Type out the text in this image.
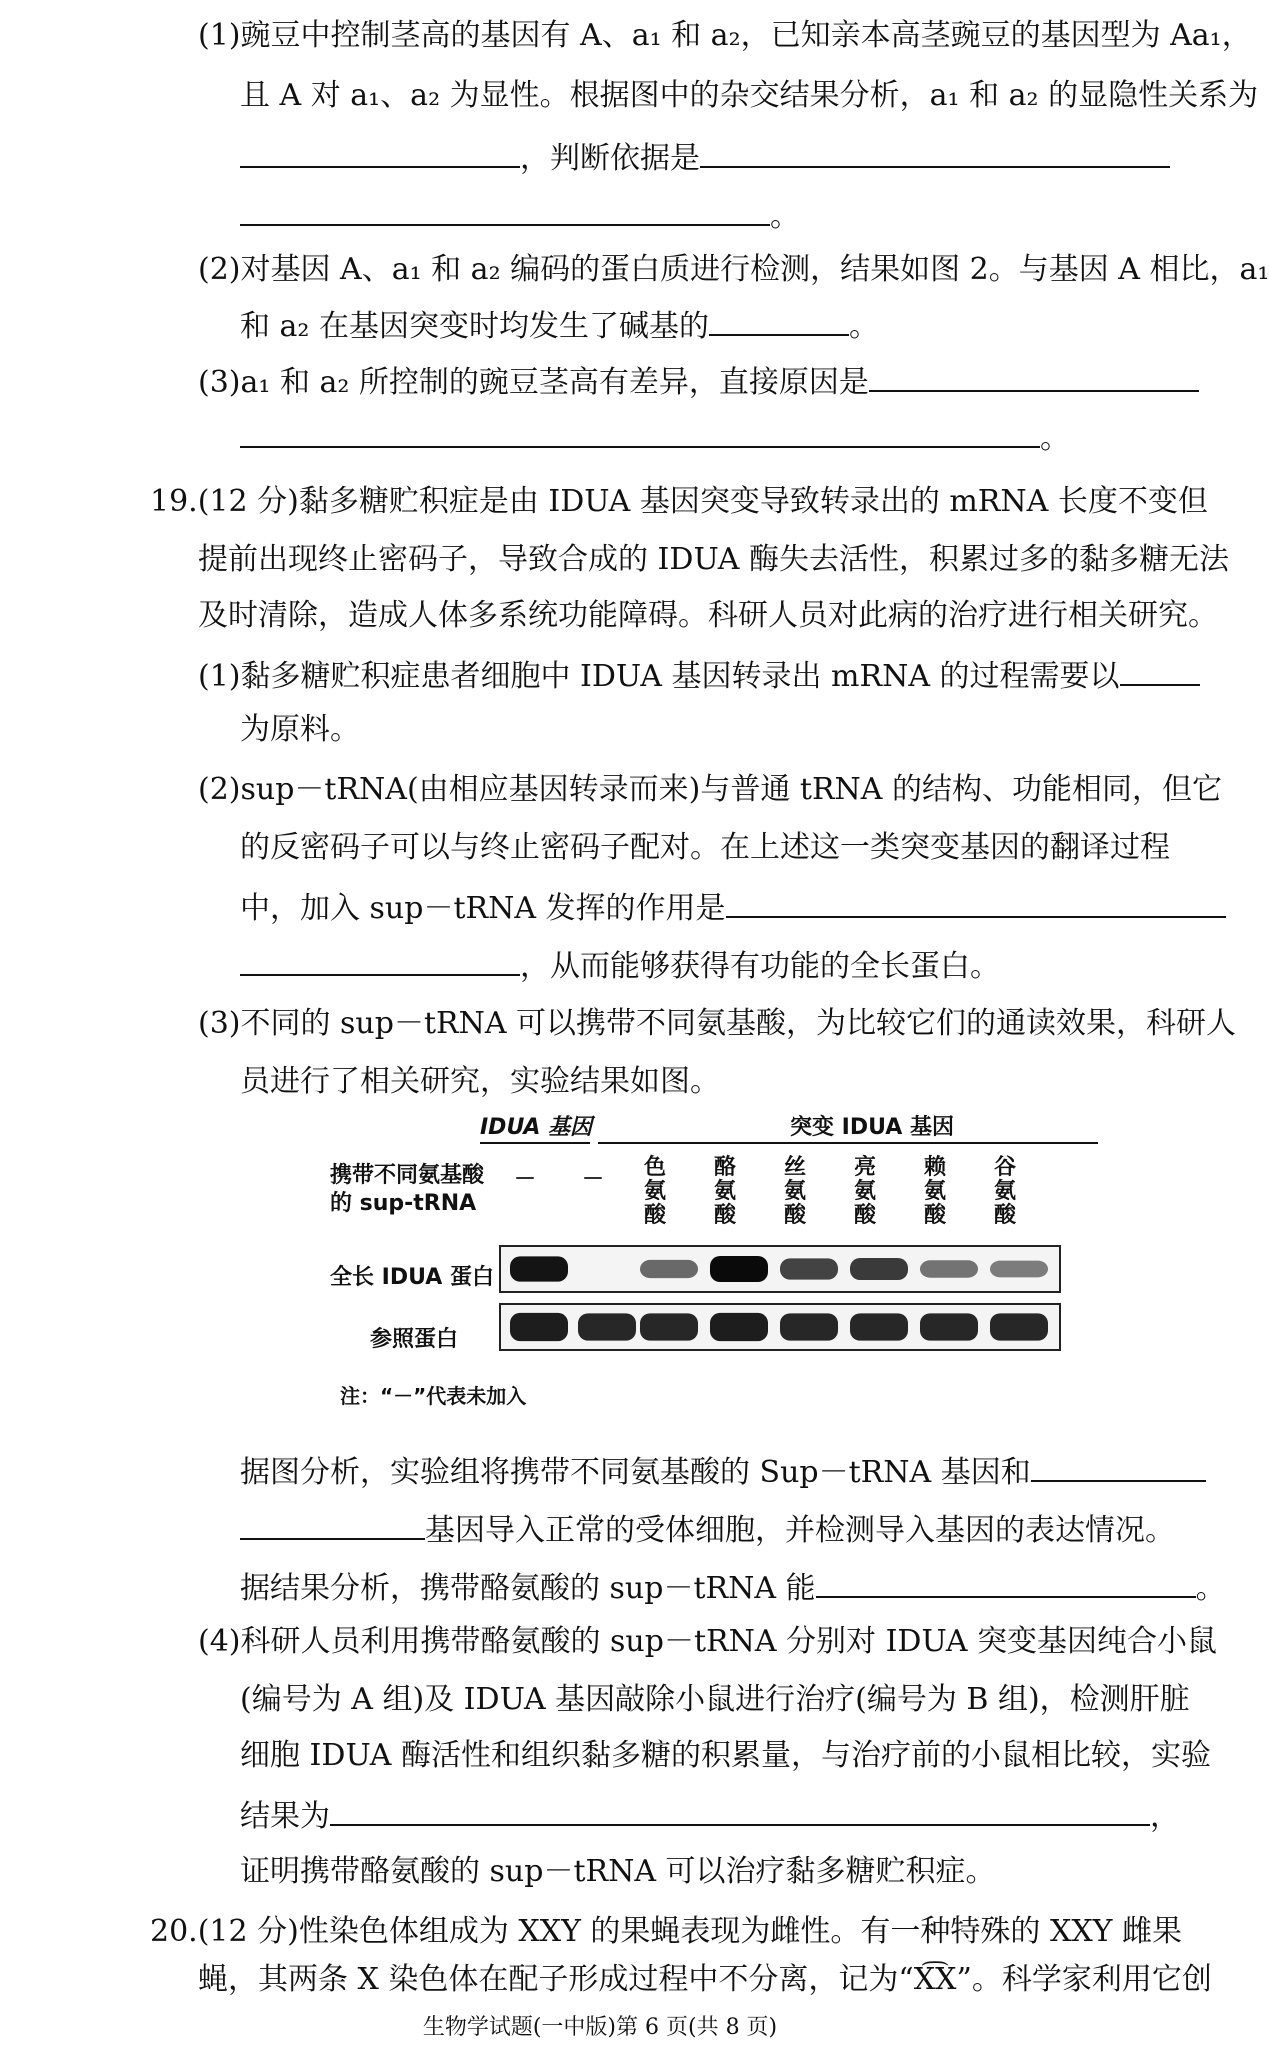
(1)豌豆中控制茎高的基因有 A、a₁ 和 a₂，已知亲本高茎豌豆的基因型为 Aa₁，
且 A 对 a₁、a₂ 为显性。根据图中的杂交结果分析，a₁ 和 a₂ 的显隐性关系为
，判断依据是
。
(2)对基因 A、a₁ 和 a₂ 编码的蛋白质进行检测，结果如图 2。与基因 A 相比，a₁
和 a₂ 在基因突变时均发生了碱基的	。
(3)a₁ 和 a₂ 所控制的豌豆茎高有差异，直接原因是
。
19.(12 分)黏多糖贮积症是由 IDUA 基因突变导致转录出的 mRNA 长度不变但
提前出现终止密码子，导致合成的 IDUA 酶失去活性，积累过多的黏多糖无法
及时清除，造成人体多系统功能障碍。科研人员对此病的治疗进行相关研究。
(1)黏多糖贮积症患者细胞中 IDUA 基因转录出 mRNA 的过程需要以
为原料。
(2)sup－tRNA(由相应基因转录而来)与普通 tRNA 的结构、功能相同，但它
的反密码子可以与终止密码子配对。在上述这一类突变基因的翻译过程
中，加入 sup－tRNA 发挥的作用是
，从而能够获得有功能的全长蛋白。
(3)不同的 sup－tRNA 可以携带不同氨基酸，为比较它们的通读效果，科研人
员进行了相关研究，实验结果如图。
IDUA 基因	突变 IDUA 基因
携带不同氨基酸
的 sup-tRNA
－ － 色氨酸
酪氨酸
丝氨酸
亮氨酸
赖氨酸
谷氨酸
全长 IDUA 蛋白
参照蛋白
注：“－”代表未加入
据图分析，实验组将携带不同氨基酸的 Sup－tRNA 基因和
基因导入正常的受体细胞，并检测导入基因的表达情况。
据结果分析，携带酪氨酸的 sup－tRNA 能	。
(4)科研人员利用携带酪氨酸的 sup－tRNA 分别对 IDUA 突变基因纯合小鼠
(编号为 A 组)及 IDUA 基因敲除小鼠进行治疗(编号为 B 组)，检测肝脏
细胞 IDUA 酶活性和组织黏多糖的积累量，与治疗前的小鼠相比较，实验
结果为	，
证明携带酪氨酸的 sup－tRNA 可以治疗黏多糖贮积症。
20.(12 分)性染色体组成为 XXY 的果蝇表现为雌性。有一种特殊的 XXY 雌果
蝇，其两条 X 染色体在配子形成过程中不分离，记为“X͡X”。科学家利用它创
生物学试题(一中版)第 6 页(共 8 页)
